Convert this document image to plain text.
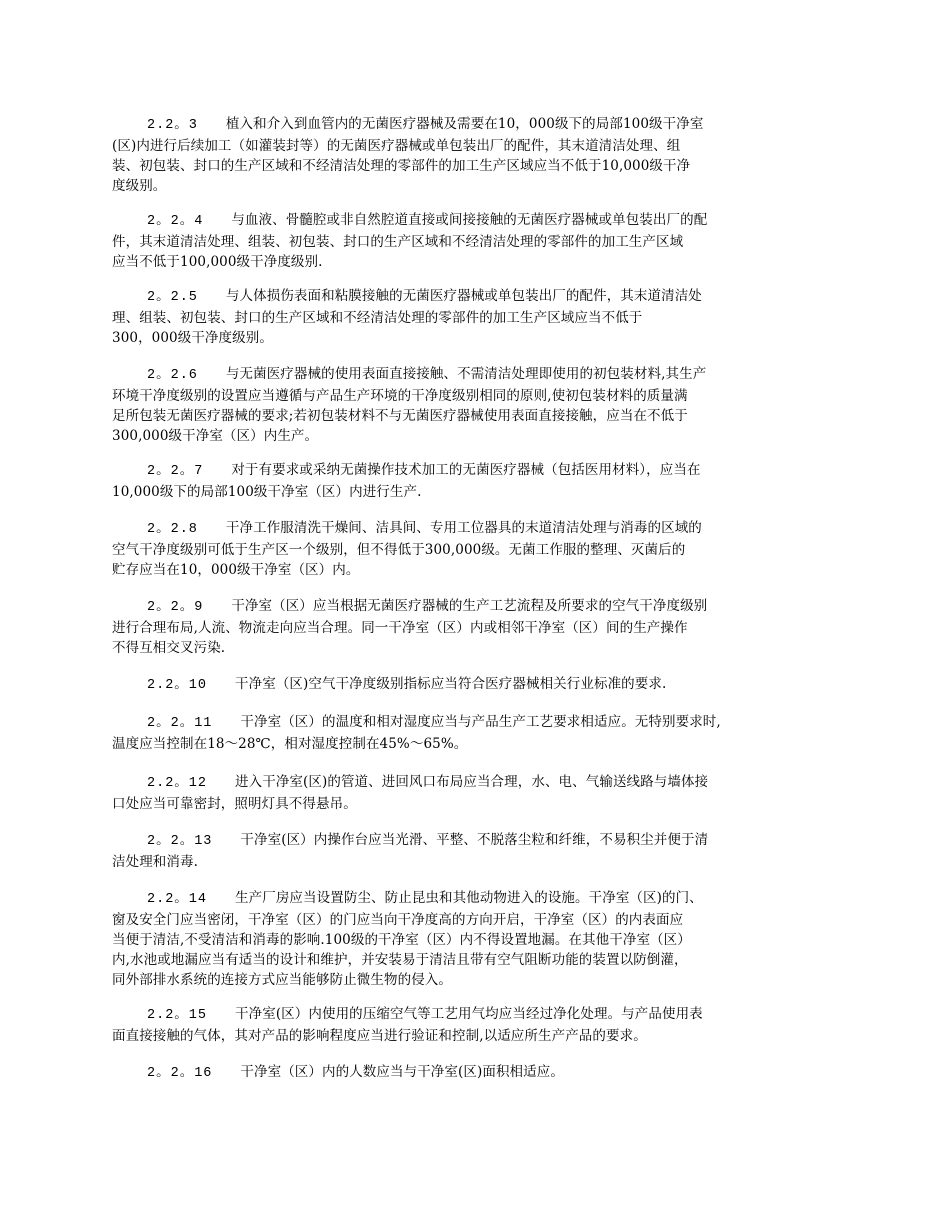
2.2。3 植入和介入到血管内的无菌医疗器械及需要在10，000级下的局部100级干净室
(区)内进行后续加工（如灌装封等）的无菌医疗器械或单包装出厂的配件，其末道清洁处理、组
装、初包装、封口的生产区域和不经清洁处理的零部件的加工生产区域应当不低于10,000级干净
度级别。
2。2。4 与血液、骨髓腔或非自然腔道直接或间接接触的无菌医疗器械或单包装出厂的配
件，其末道清洁处理、组装、初包装、封口的生产区域和不经清洁处理的零部件的加工生产区域
应当不低于100,000级干净度级别.
2。2.5 与人体损伤表面和粘膜接触的无菌医疗器械或单包装出厂的配件，其末道清洁处
理、组装、初包装、封口的生产区域和不经清洁处理的零部件的加工生产区域应当不低于
300，000级干净度级别。
2。2.6 与无菌医疗器械的使用表面直接接触、不需清洁处理即使用的初包装材料,其生产
环境干净度级别的设置应当遵循与产品生产环境的干净度级别相同的原则,使初包装材料的质量满
足所包装无菌医疗器械的要求;若初包装材料不与无菌医疗器械使用表面直接接触，应当在不低于
300,000级干净室（区）内生产。
2。2。7 对于有要求或采纳无菌操作技术加工的无菌医疗器械（包括医用材料），应当在
10,000级下的局部100级干净室（区）内进行生产.
2。2.8 干净工作服清洗干燥间、洁具间、专用工位器具的末道清洁处理与消毒的区域的
空气干净度级别可低于生产区一个级别，但不得低于300,000级。无菌工作服的整理、灭菌后的
贮存应当在10，000级干净室（区）内。
2。2。9 干净室（区）应当根据无菌医疗器械的生产工艺流程及所要求的空气干净度级别
进行合理布局,人流、物流走向应当合理。同一干净室（区）内或相邻干净室（区）间的生产操作
不得互相交叉污染.
2.2。10 干净室（区)空气干净度级别指标应当符合医疗器械相关行业标准的要求.
2。2。11 干净室（区）的温度和相对湿度应当与产品生产工艺要求相适应。无特别要求时,
温度应当控制在18～28℃，相对湿度控制在45%～65%。
2.2。12 进入干净室(区)的管道、进回风口布局应当合理，水、电、气输送线路与墙体接
口处应当可靠密封，照明灯具不得悬吊。
2。2。13 干净室(区）内操作台应当光滑、平整、不脱落尘粒和纤维，不易积尘并便于清
洁处理和消毒.
2.2。14 生产厂房应当设置防尘、防止昆虫和其他动物进入的设施。干净室（区)的门、
窗及安全门应当密闭，干净室（区）的门应当向干净度高的方向开启，干净室（区）的内表面应
当便于清洁,不受清洁和消毒的影响.100级的干净室（区）内不得设置地漏。在其他干净室（区）
内,水池或地漏应当有适当的设计和维护，并安装易于清洁且带有空气阻断功能的装置以防倒灌，
同外部排水系统的连接方式应当能够防止微生物的侵入。
2.2。15 干净室(区）内使用的压缩空气等工艺用气均应当经过净化处理。与产品使用表
面直接接触的气体，其对产品的影响程度应当进行验证和控制,以适应所生产产品的要求。
2。2。16 干净室（区）内的人数应当与干净室(区)面积相适应。
